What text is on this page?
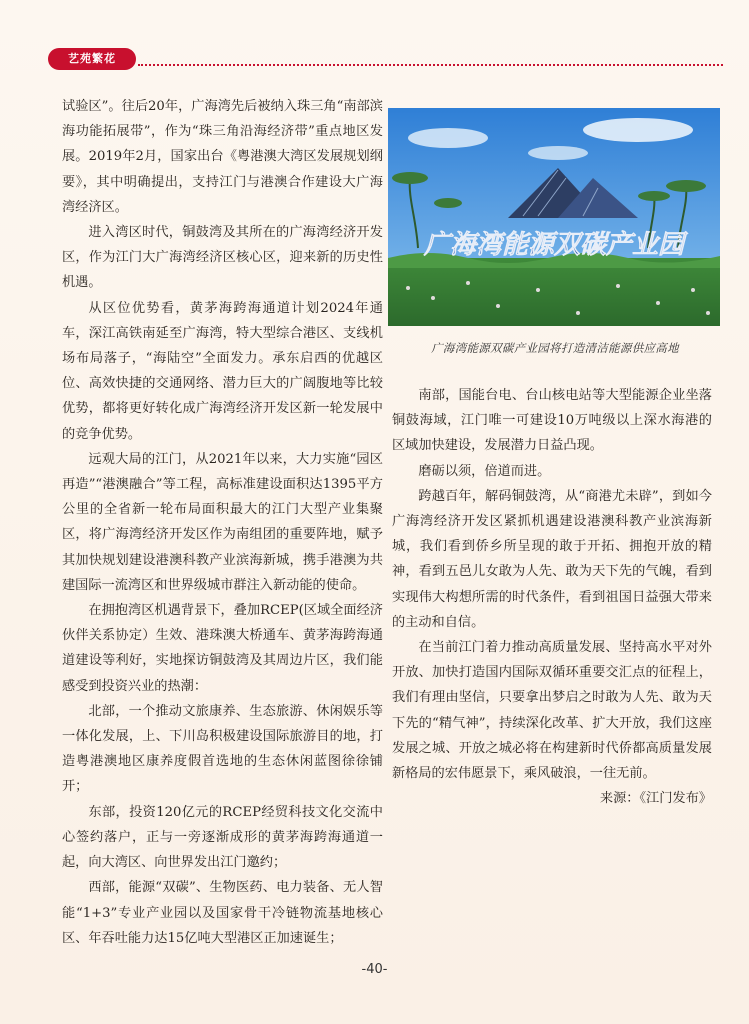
艺苑繁花

试验区”。往后20年，广海湾先后被纳入珠三角“南部滨海功能拓展带”，作为“珠三角沿海经济带”重点地区发展。2019年2月，国家出台《粤港澳大湾区发展规划纲要》，其中明确提出，支持江门与港澳合作建设大广海湾经济区。

进入湾区时代，铜鼓湾及其所在的广海湾经济开发区，作为江门大广海湾经济区核心区，迎来新的历史性机遇。

从区位优势看，黄茅海跨海通道计划2024年通车，深江高铁南延至广海湾，特大型综合港区、支线机场布局落子，“海陆空”全面发力。承东启西的优越区位、高效快捷的交通网络、潜力巨大的广阔腹地等比较优势，都将更好转化成广海湾经济开发区新一轮发展中的竞争优势。

远观大局的江门，从2021年以来，大力实施“园区再造”“港澳融合”等工程，高标准建设面积达1395平方公里的全省新一轮布局面积最大的江门大型产业集聚区，将广海湾经济开发区作为南组团的重要阵地，赋予其加快规划建设港澳科教产业滨海新城，携手港澳为共建国际一流湾区和世界级城市群注入新动能的使命。

在拥抱湾区机遇背景下，叠加RCEP(区域全面经济伙伴关系协定）生效、港珠澳大桥通车、黄茅海跨海通道建设等利好，实地探访铜鼓湾及其周边片区，我们能感受到投资兴业的热潮：

北部，一个推动文旅康养、生态旅游、休闲娱乐等一体化发展，上、下川岛积极建设国际旅游目的地，打造粤港澳地区康养度假首选地的生态休闲蓝图徐徐铺开；

东部，投资120亿元的RCEP经贸科技文化交流中心签约落户，正与一旁逐渐成形的黄茅海跨海通道一起，向大湾区、向世界发出江门邀约；

西部，能源“双碳”、生物医药、电力装备、无人智能“1+3”专业产业园以及国家骨干冷链物流基地核心区、年吞吐能力达15亿吨大型港区正加速诞生；

广海湾能源双碳产业园
广海湾能源双碳产业园将打造清洁能源供应高地

南部，国能台电、台山核电站等大型能源企业坐落铜鼓海域，江门唯一可建设10万吨级以上深水海港的区域加快建设，发展潜力日益凸现。

磨砺以须，倍道而进。

跨越百年，解码铜鼓湾，从“商港尤未辟”，到如今广海湾经济开发区紧抓机遇建设港澳科教产业滨海新城，我们看到侨乡所呈现的敢于开拓、拥抱开放的精神，看到五邑儿女敢为人先、敢为天下先的气魄，看到实现伟大构想所需的时代条件，看到祖国日益强大带来的主动和自信。

在当前江门着力推动高质量发展、坚持高水平对外开放、加快打造国内国际双循环重要交汇点的征程上，我们有理由坚信，只要拿出梦启之时敢为人先、敢为天下先的“精气神”，持续深化改革、扩大开放，我们这座发展之城、开放之城必将在构建新时代侨都高质量发展新格局的宏伟愿景下，乘风破浪，一往无前。

来源：《江门发布》

-40-
